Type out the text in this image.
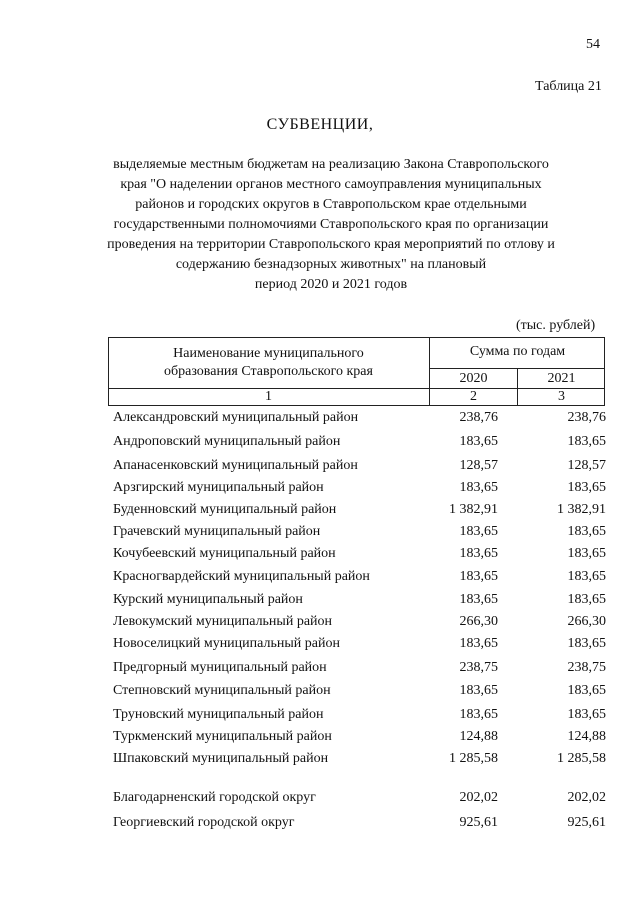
54
Таблица 21
СУБВЕНЦИИ,
выделяемые местным бюджетам на реализацию Закона Ставропольского
края "О наделении органов местного самоуправления муниципальных
районов и городских округов в Ставропольском крае отдельными
государственными полномочиями Ставропольского края по организации
проведения на территории Ставропольского края мероприятий по отлову и
содержанию безнадзорных животных" на плановый
период 2020 и 2021 годов
(тыс. рублей)
Наименование муниципального
образования Ставропольского края
Сумма по годам
2020	2021
1	2	3
Александровский муниципальный район	238,76	238,76
Андроповский муниципальный район	183,65	183,65
Апанасенковский муниципальный район	128,57	128,57
Арзгирский муниципальный район	183,65	183,65
Буденновский муниципальный район	1 382,91	1 382,91
Грачевский муниципальный район	183,65	183,65
Кочубеевский муниципальный район	183,65	183,65
Красногвардейский муниципальный район	183,65	183,65
Курский муниципальный район	183,65	183,65
Левокумский муниципальный район	266,30	266,30
Новоселицкий муниципальный район	183,65	183,65
Предгорный муниципальный район	238,75	238,75
Степновский муниципальный район	183,65	183,65
Труновский муниципальный район	183,65	183,65
Туркменский муниципальный район	124,88	124,88
Шпаковский муниципальный район	1 285,58	1 285,58
Благодарненский городской округ	202,02	202,02
Георгиевский городской округ	925,61	925,61
